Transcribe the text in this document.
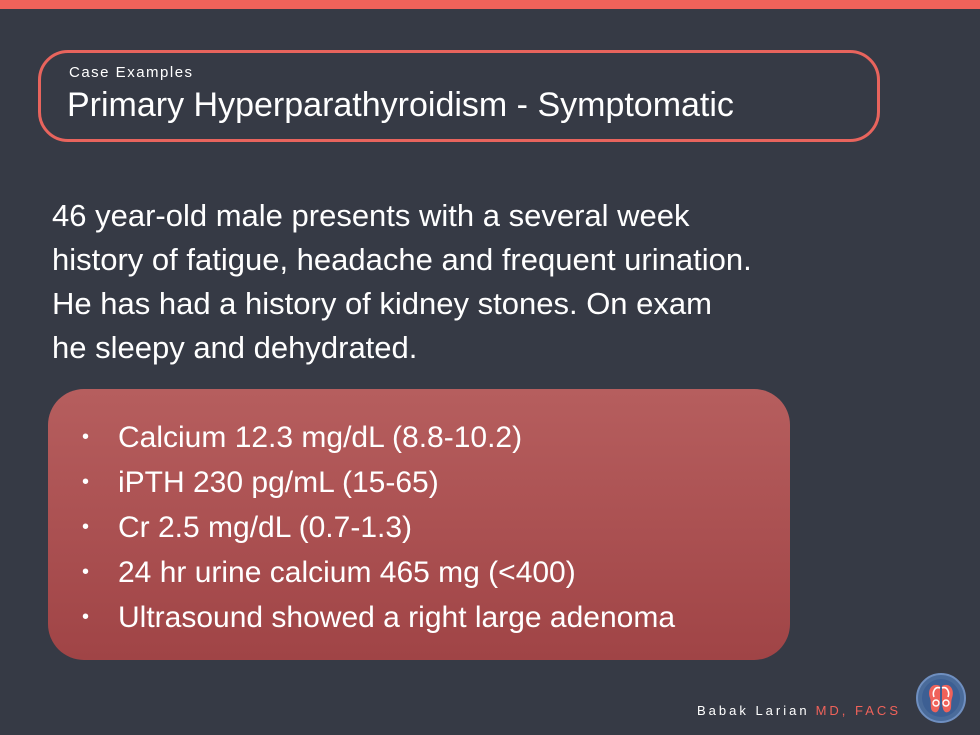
Case Examples
Primary Hyperparathyroidism - Symptomatic
46 year-old male presents with a several week
history of fatigue, headache and frequent urination.
He has had a history of kidney stones. On exam
he sleepy and dehydrated.
• Calcium 12.3 mg/dL (8.8-10.2)
• iPTH 230 pg/mL (15-65)
• Cr 2.5 mg/dL (0.7-1.3)
• 24 hr urine calcium 465 mg (<400)
• Ultrasound showed a right large adenoma
Babak Larian MD, FACS
